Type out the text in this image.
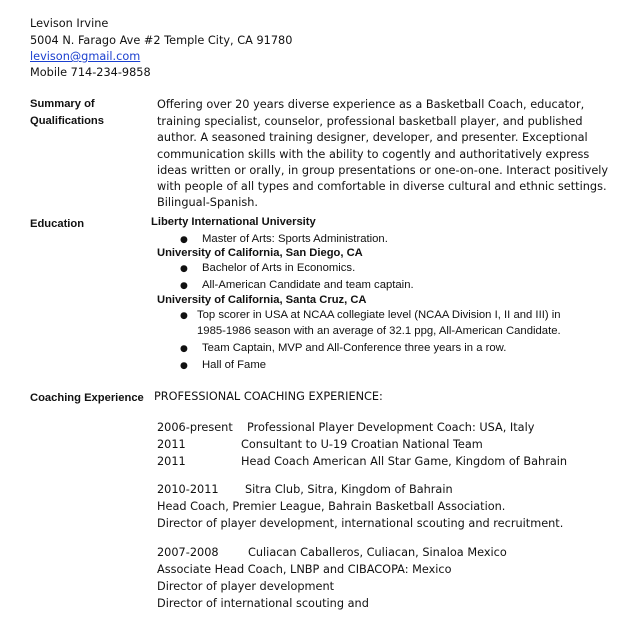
Levison Irvine
5004 N. Farago Ave #2 Temple City, CA 91780
levison@gmail.com
Mobile 714-234-9858
Summary of
Qualifications
Offering over 20 years diverse experience as a Basketball Coach, educator,
training specialist, counselor, professional basketball player, and published
author. A seasoned training designer, developer, and presenter. Exceptional
communication skills with the ability to cogently and authoritatively express
ideas written or orally, in group presentations or one-on-one. Interact positively
with people of all types and comfortable in diverse cultural and ethnic settings.
Bilingual-Spanish.
Education	Liberty International University
● Master of Arts: Sports Administration.
University of California, San Diego, CA
● Bachelor of Arts in Economics.
● All-American Candidate and team captain.
University of California, Santa Cruz, CA
● Top scorer in USA at NCAA collegiate level (NCAA Division I, II and III) in
1985-1986 season with an average of 32.1 ppg, All-American Candidate.
● Team Captain, MVP and All-Conference three years in a row.
● Hall of Fame
Coaching Experience PROFESSIONAL COACHING EXPERIENCE:
2006-present Professional Player Development Coach: USA, Italy
2011	Consultant to U-19 Croatian National Team
2011	Head Coach American All Star Game, Kingdom of Bahrain
2010-2011 Sitra Club, Sitra, Kingdom of Bahrain
Head Coach, Premier League, Bahrain Basketball Association.
Director of player development, international scouting and recruitment.
2007-2008	Culiacan Caballeros, Culiacan, Sinaloa Mexico
Associate Head Coach, LNBP and CIBACOPA: Mexico
Director of player development
Director of international scouting and
